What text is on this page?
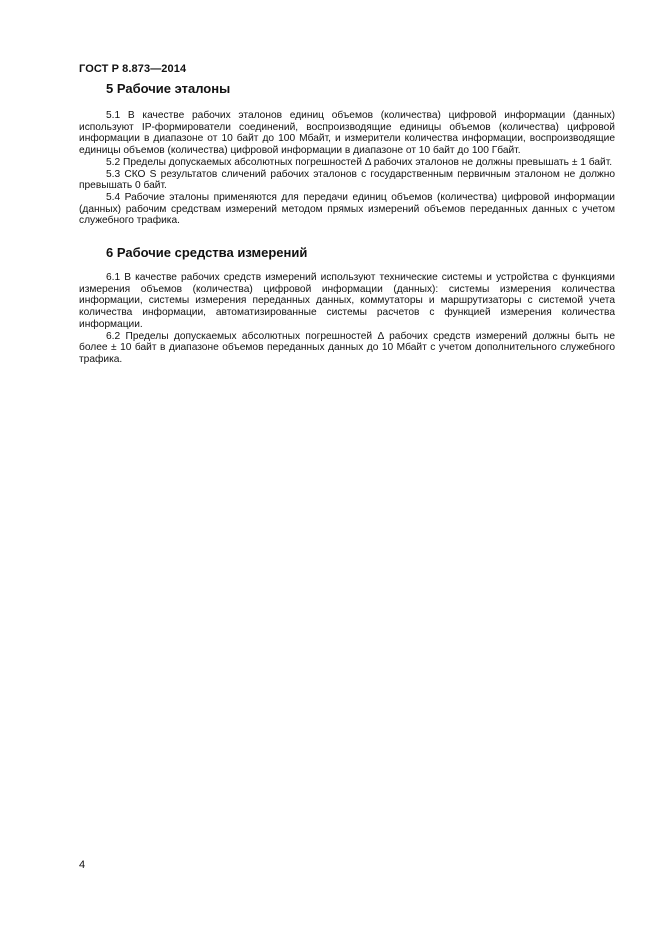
ГОСТ Р 8.873—2014
5 Рабочие эталоны

5.1 В качестве рабочих эталонов единиц объемов (количества) цифровой информации (данных) используют IP-формирователи соединений, воспроизводящие единицы объемов (количества) цифровой информации в диапазоне от 10 байт до 100 Мбайт, и измерители количества информации, воспроизводящие единицы объемов (количества) цифровой информации в диапазоне от 10 байт до 100 Гбайт.

5.2 Пределы допускаемых абсолютных погрешностей Δ рабочих эталонов не должны превышать ± 1 байт.

5.3 СКО S результатов сличений рабочих эталонов с государственным первичным эталоном не должно превышать 0 байт.

5.4 Рабочие эталоны применяются для передачи единиц объемов (количества) цифровой информации (данных) рабочим средствам измерений методом прямых измерений объемов переданных данных с учетом служебного трафика.

6 Рабочие средства измерений

6.1 В качестве рабочих средств измерений используют технические системы и устройства с функциями измерения объемов (количества) цифровой информации (данных): системы измерения количества информации, системы измерения переданных данных, коммутаторы и маршрутизаторы с системой учета количества информации, автоматизированные системы расчетов с функцией измерения количества информации.

6.2 Пределы допускаемых абсолютных погрешностей Δ рабочих средств измерений должны быть не более ± 10 байт в диапазоне объемов переданных данных до 10 Мбайт с учетом дополнительного служебного трафика.

4
